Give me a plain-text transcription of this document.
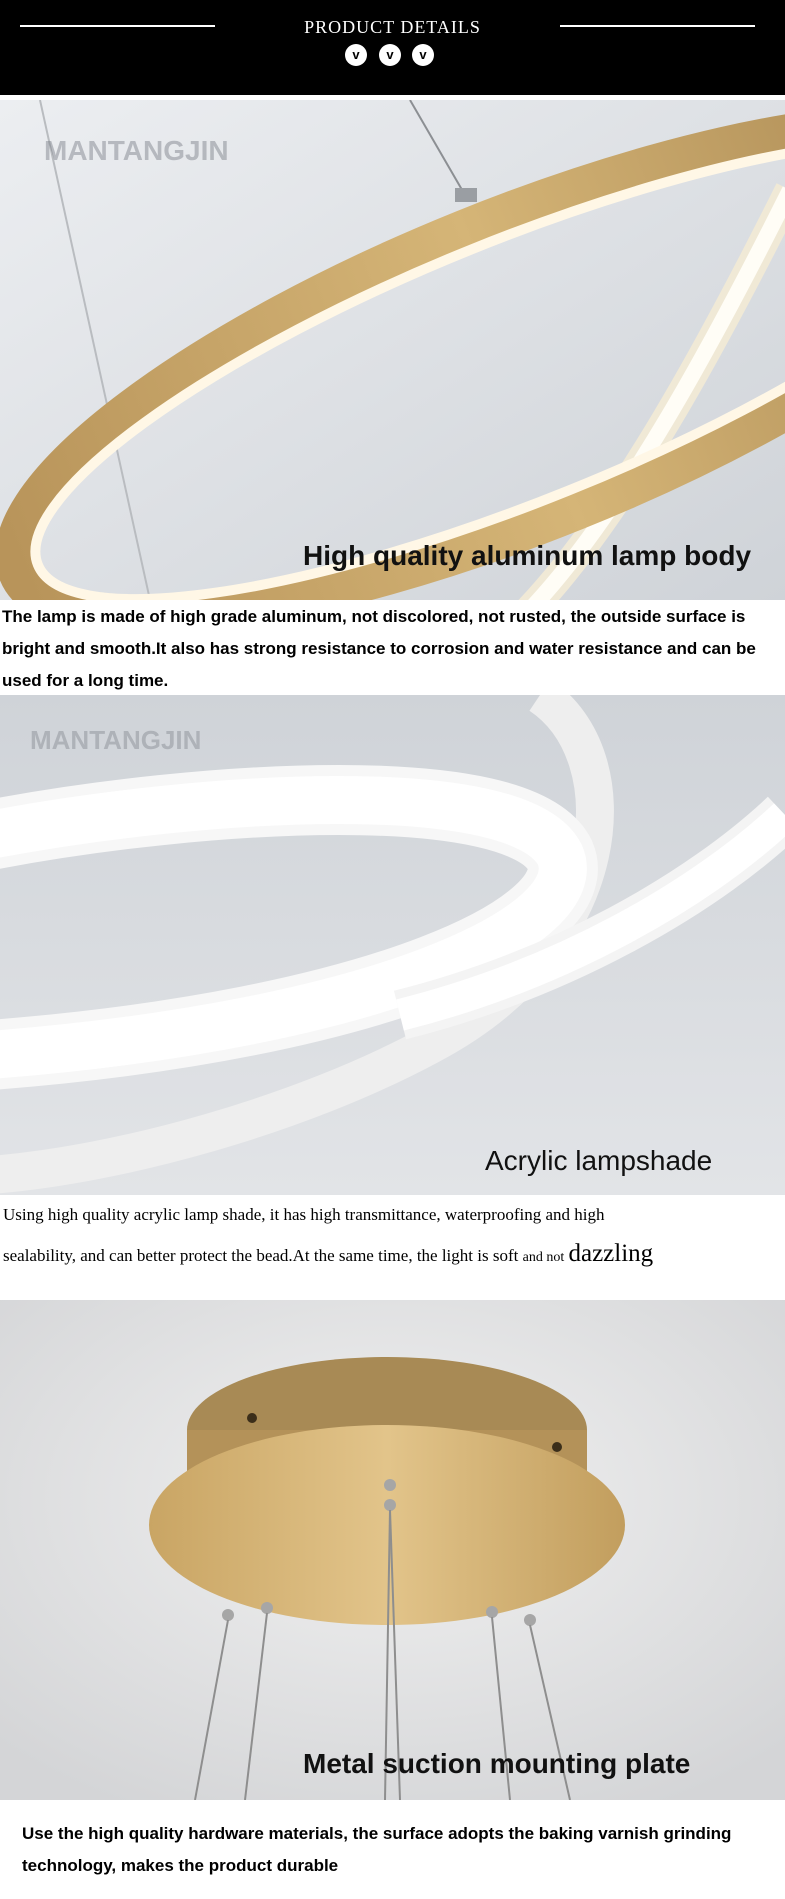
PRODUCT DETAILS
v	v	v
MANTANGJIN
High quality aluminum lamp body
The lamp is made of high grade aluminum, not discolored, not rusted, the outside surface is bright and smooth.It also has strong resistance to corrosion and water resistance and can be used for a long time.
MANTANGJIN
Acrylic lampshade
Using high quality acrylic lamp shade, it has high transmittance, waterproofing and high
sealability, and can better protect the bead.At the same time, the light is soft and not dazzling
Metal suction mounting plate
Use the high quality hardware materials, the surface adopts the baking varnish grinding technology, makes the product durable
